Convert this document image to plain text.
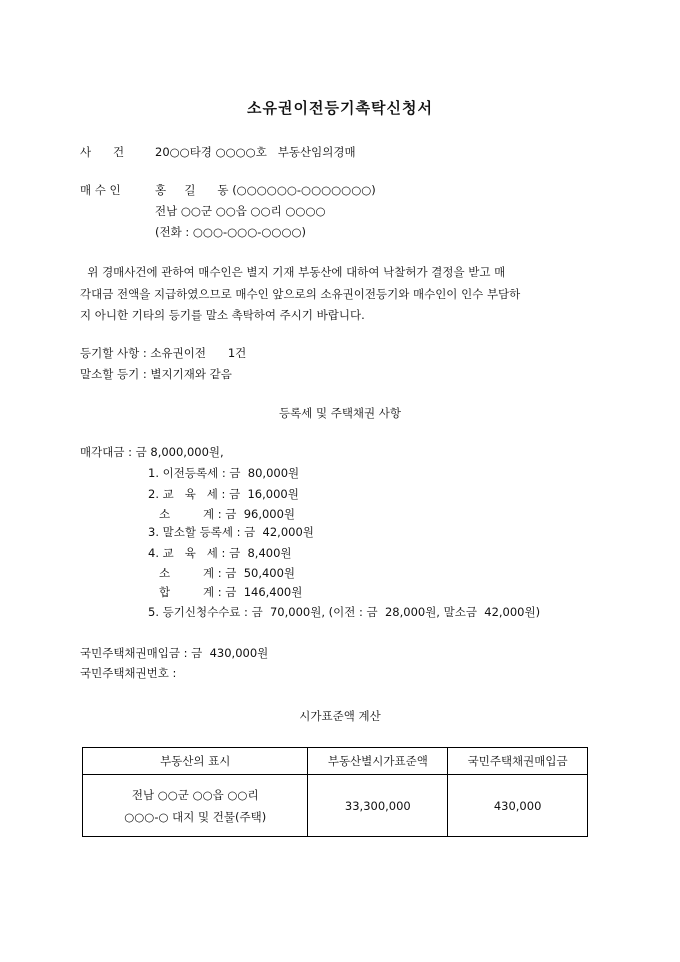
소유권이전등기촉탁신청서
사      건	20○○타경 ○○○○호   부동산임의경매
매 수 인	홍     길      동 (○○○○○○-○○○○○○○)
전남 ○○군 ○○읍 ○○리 ○○○○
(전화 : ○○○-○○○-○○○○)
위 경매사건에 관하여 매수인은 별지 기재 부동산에 대하여 낙찰허가 결정을 받고 매
각대금 전액을 지급하였으므로 매수인 앞으로의 소유권이전등기와 매수인이 인수 부담하
지 아니한 기타의 등기를 말소 촉탁하여 주시기 바랍니다.
등기할 사항 : 소유권이전      1건
말소할 등기 : 별지기재와 같음
등록세 및 주택채권 사항
매각대금 : 금 8,000,000원,
1. 이전등록세 : 금  80,000원
2. 교   육   세 : 금  16,000원
소         계 : 금  96,000원
3. 말소할 등록세 : 금  42,000원
4. 교   육   세 : 금  8,400원
소         계 : 금  50,400원
합         계 : 금  146,400원
5. 등기신청수수료 : 금  70,000원, (이전 : 금  28,000원, 말소금  42,000원)
국민주택채권매입금 : 금  430,000원
국민주택채권번호 :
시가표준액 계산
부동산의 표시	부동산별시가표준액	국민주택채권매입금

전남 ○○군 ○○읍 ○○리
○○○-○ 대지 및 건물(주택)	33,300,000	430,000
